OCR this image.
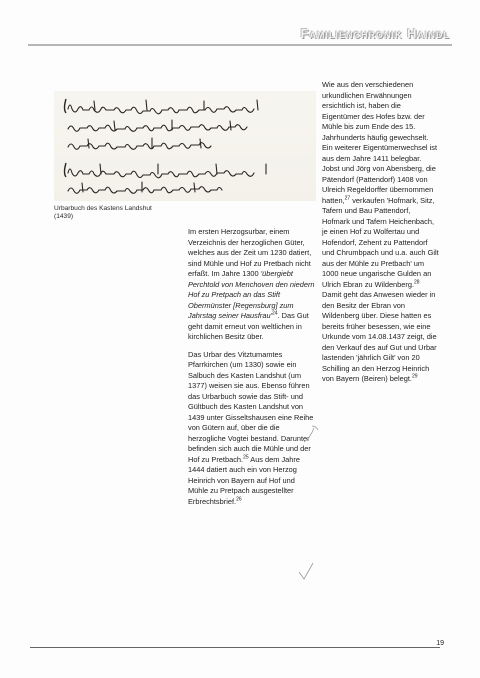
Familienchronik Haindl
Urbarbuch des Kastens Landshut
(1439)

Im ersten Herzogsurbar, einem Verzeichnis der herzoglichen Güter, welches aus der Zeit um 1230 datiert, sind Mühle und Hof zu Pretbach nicht erfaßt. Im Jahre 1300 'übergiebt Perchtold von Menchoven den niedern Hof zu Pretpach an das Stift Obermünster [Regensburg] zum Jahrstag seiner Hausfrau'$^{24}$. Das Gut geht damit erneut von weltlichen in kirchlichen Besitz über.

Das Urbar des Vitztumamtes Pfarrkirchen (um 1330) sowie ein Salbuch des Kasten Landshut (um 1377) weisen sie aus. Ebenso führen das Urbarbuch sowie das Stift- und Gültbuch des Kasten Landshut von 1439 unter Gisseltshausen eine Reihe von Gütern auf, über die die herzogliche Vogtei bestand. Darunter befinden sich auch die Mühle und der Hof zu Pretbach.$^{25}$ Aus dem Jahre 1444 datiert auch ein von Herzog Heinrich von Bayern auf Hof und Mühle zu Pretpach ausgestellter Erbrechtsbrief.$^{26}$

Wie aus den verschiedenen urkundlichen Erwähnungen ersichtlich ist, haben die Eigentümer des Hofes bzw. der Mühle bis zum Ende des 15. Jahrhunderts häufig gewechselt. Ein weiterer Eigentümerwechsel ist aus dem Jahre 1411 belegbar. Jobst und Jörg von Abensberg, die Pätendorf (Pattendorf) 1408 von Ulreich Regeldorffer übernommen hatten,$^{27}$ verkaufen 'Hofmark, Sitz, Tafern und Bau Pattendorf, Hofmark und Tafern Heichenbach, je einen Hof zu Wolfertau und Hofendorf, Zehent zu Pattendorf und Chrumbpach und u.a. auch Gilt aus der Mühle zu Pretbach' um 1000 neue ungarische Gulden an Ulrich Ebran zu Wildenberg.$^{28}$ Damit geht das Anwesen wieder in den Besitz der Ebran von Wildenberg über. Diese hatten es bereits früher besessen, wie eine Urkunde vom 14.08.1437 zeigt, die den Verkauf des auf Gut und Urbar lastenden 'jährlich Gilt' von 20 Schilling an den Herzog Heinrich von Bayern (Beiren) belegt.$^{29}$

19
